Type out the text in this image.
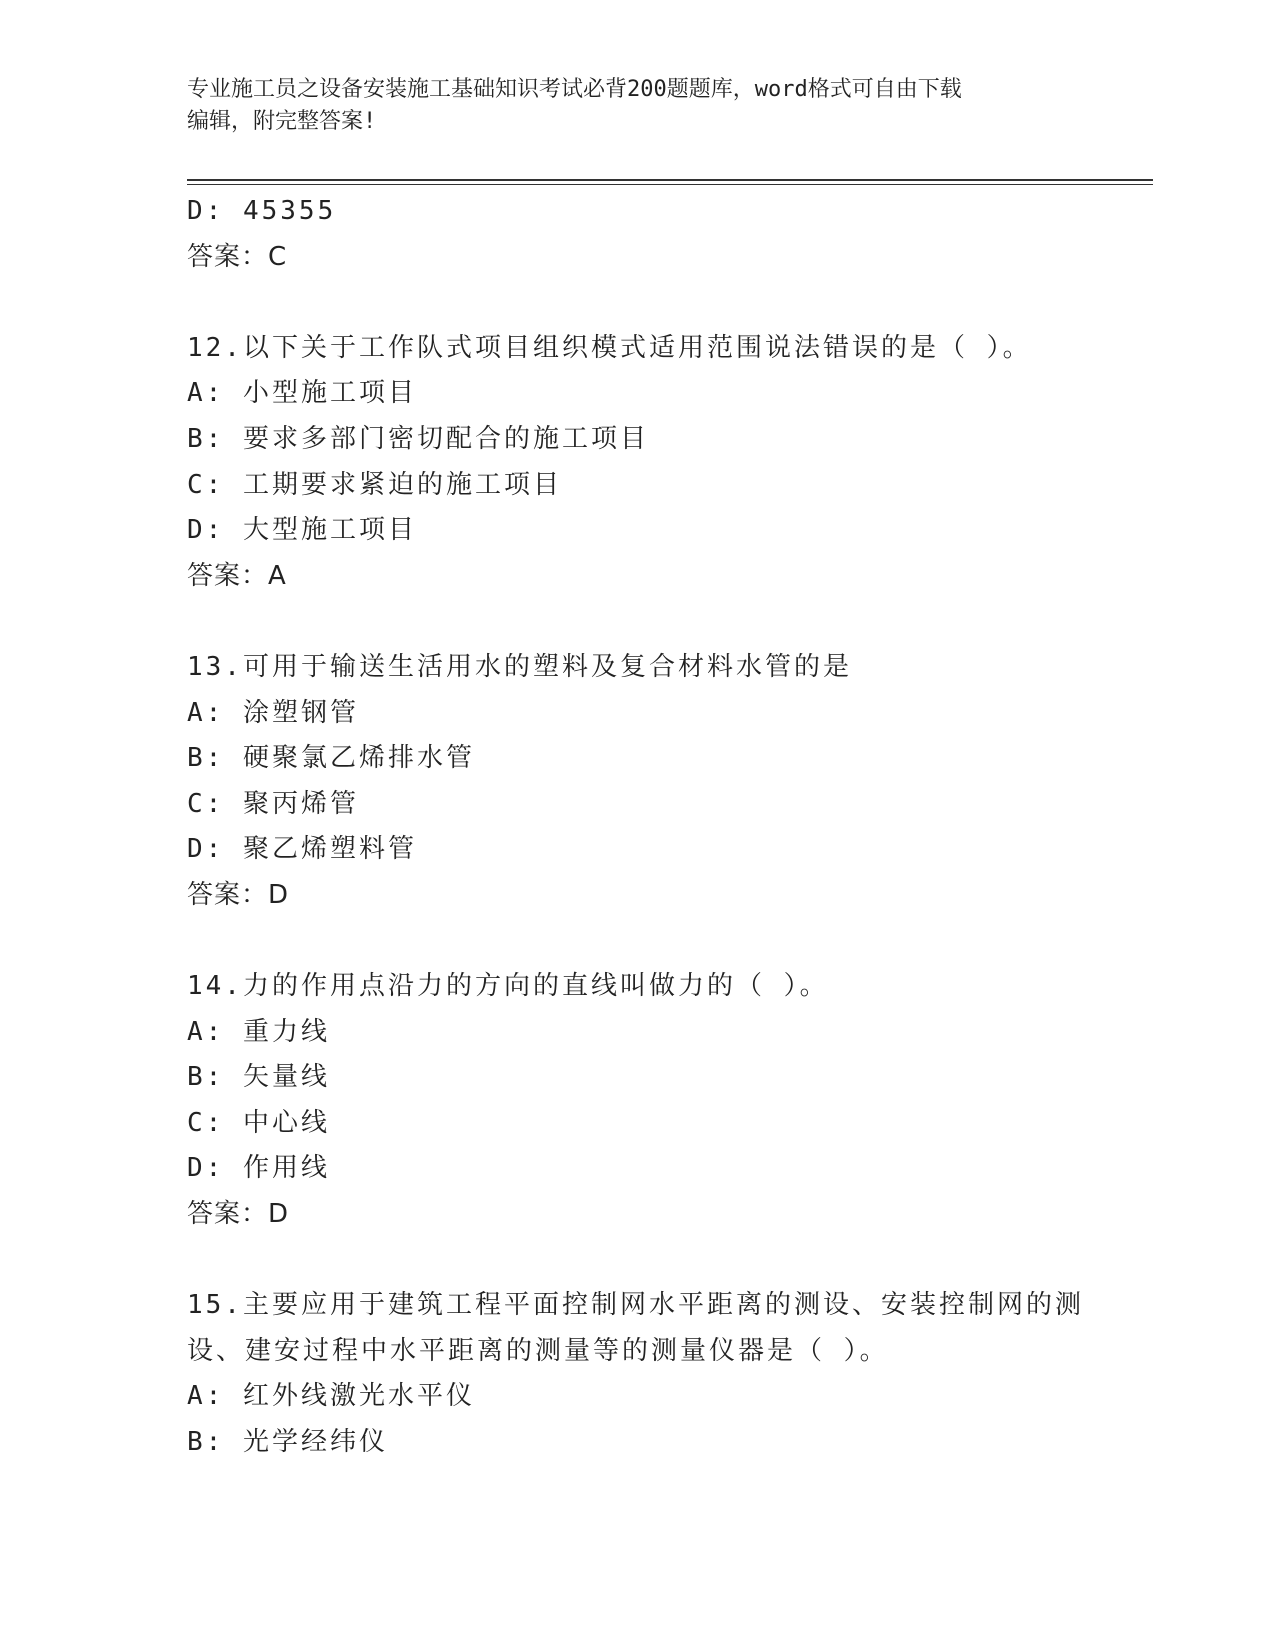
专业施工员之设备安装施工基础知识考试必背200题题库，word格式可自由下载
编辑，附完整答案!
D: 45355
答案：C
12.以下关于工作队式项目组织模式适用范围说法错误的是（ ）。
A: 小型施工项目
B: 要求多部门密切配合的施工项目
C: 工期要求紧迫的施工项目
D: 大型施工项目
答案：A
13.可用于输送生活用水的塑料及复合材料水管的是
A: 涂塑钢管
B: 硬聚氯乙烯排水管
C: 聚丙烯管
D: 聚乙烯塑料管
答案：D
14.力的作用点沿力的方向的直线叫做力的（ ）。
A: 重力线
B: 矢量线
C: 中心线
D: 作用线
答案：D
15.主要应用于建筑工程平面控制网水平距离的测设、安装控制网的测
设、建安过程中水平距离的测量等的测量仪器是（ ）。
A: 红外线激光水平仪
B: 光学经纬仪
